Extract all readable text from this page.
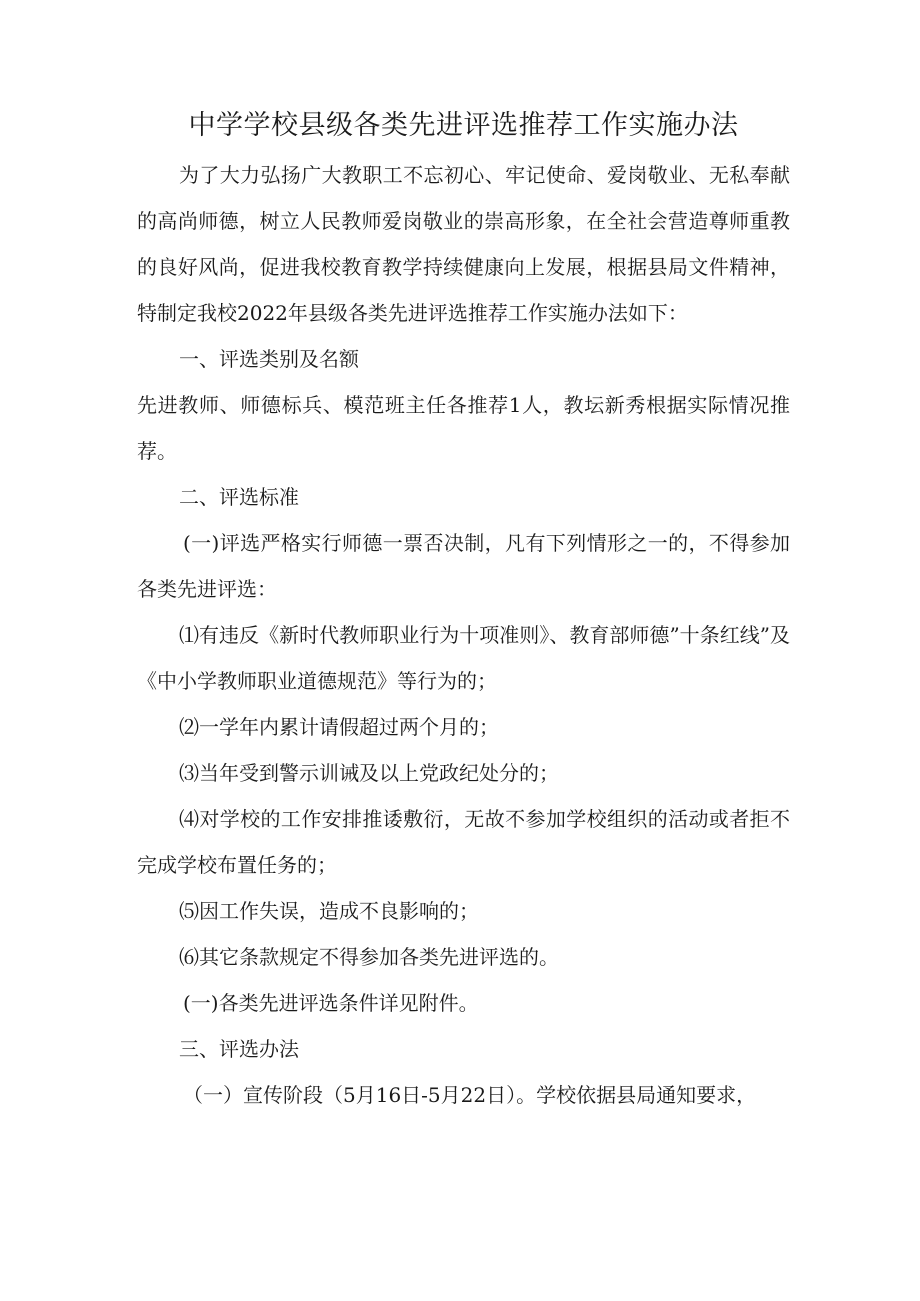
中学学校县级各类先进评选推荐工作实施办法

为了大力弘扬广大教职工不忘初心、牢记使命、爱岗敬业、无私奉献的高尚师德，树立人民教师爱岗敬业的崇高形象，在全社会营造尊师重教的良好风尚，促进我校教育教学持续健康向上发展，根据县局文件精神，特制定我校2022年县级各类先进评选推荐工作实施办法如下：

一、评选类别及名额

先进教师、师德标兵、模范班主任各推荐1人，教坛新秀根据实际情况推荐。

二、评选标准

(一)评选严格实行师德一票否决制，凡有下列情形之一的，不得参加各类先进评选：

⑴有违反《新时代教师职业行为十项准则》、教育部师德”十条红线”及《中小学教师职业道德规范》等行为的；

⑵一学年内累计请假超过两个月的；

⑶当年受到警示训诫及以上党政纪处分的；

⑷对学校的工作安排推诿敷衍，无故不参加学校组织的活动或者拒不完成学校布置任务的；

⑸因工作失误，造成不良影响的；

⑹其它条款规定不得参加各类先进评选的。

(一)各类先进评选条件详见附件。

三、评选办法

（一）宣传阶段（5月16日-5月22日）。学校依据县局通知要求，
